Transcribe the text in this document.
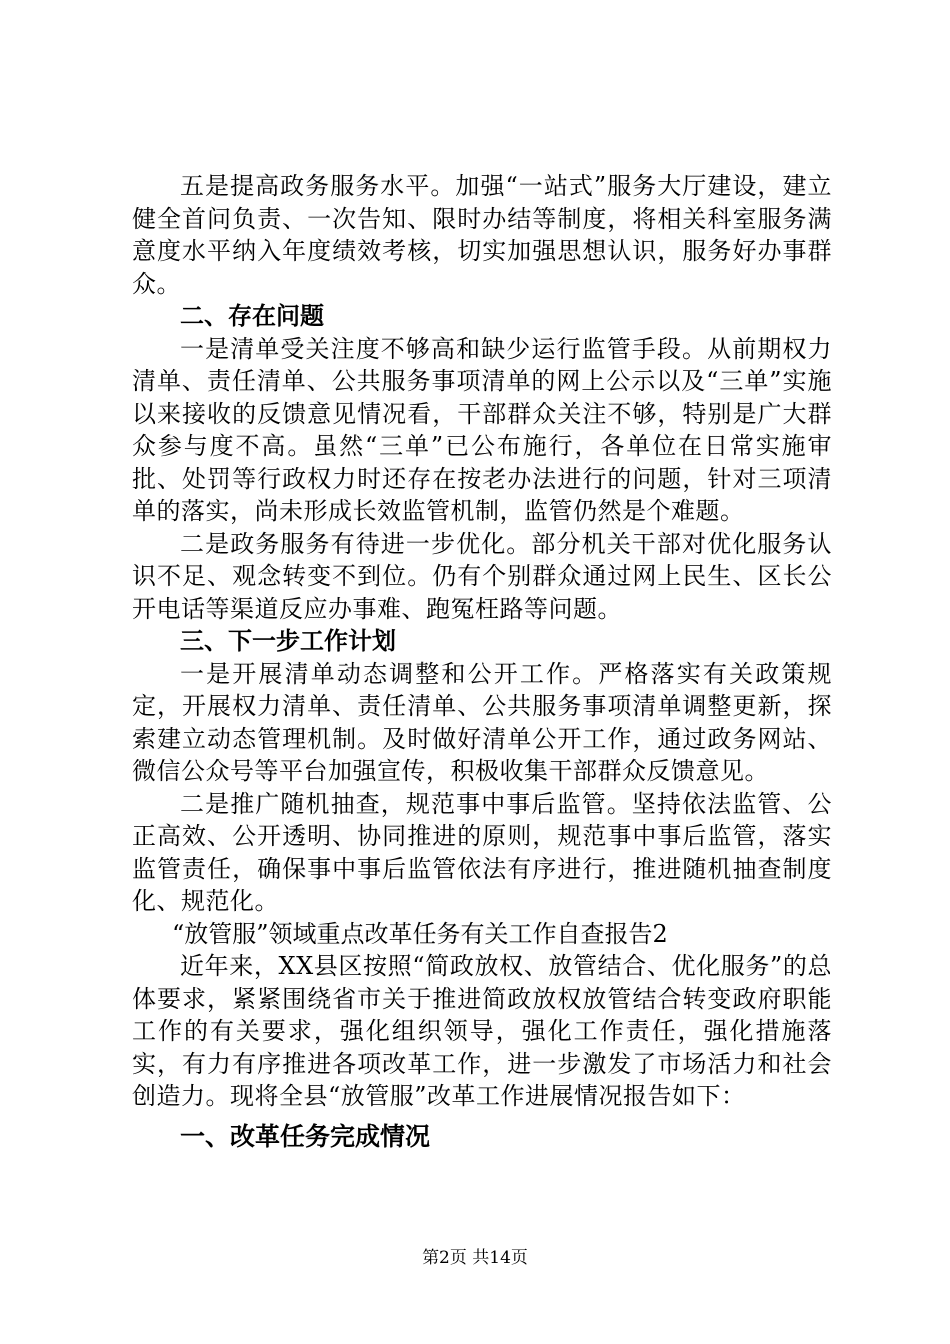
五是提高政务服务水平。加强“一站式”服务大厅建设，建立健全首问负责、一次告知、限时办结等制度，将相关科室服务满意度水平纳入年度绩效考核，切实加强思想认识，服务好办事群众。

二、存在问题

一是清单受关注度不够高和缺少运行监管手段。从前期权力清单、责任清单、公共服务事项清单的网上公示以及“三单”实施以来接收的反馈意见情况看，干部群众关注不够，特别是广大群众参与度不高。虽然“三单”已公布施行，各单位在日常实施审批、处罚等行政权力时还存在按老办法进行的问题，针对三项清单的落实，尚未形成长效监管机制，监管仍然是个难题。

二是政务服务有待进一步优化。部分机关干部对优化服务认识不足、观念转变不到位。仍有个别群众通过网上民生、区长公开电话等渠道反应办事难、跑冤枉路等问题。

三、下一步工作计划

一是开展清单动态调整和公开工作。严格落实有关政策规定，开展权力清单、责任清单、公共服务事项清单调整更新，探索建立动态管理机制。及时做好清单公开工作，通过政务网站、微信公众号等平台加强宣传，积极收集干部群众反馈意见。

二是推广随机抽查，规范事中事后监管。坚持依法监管、公正高效、公开透明、协同推进的原则，规范事中事后监管，落实监管责任，确保事中事后监管依法有序进行，推进随机抽查制度化、规范化。

“放管服”领域重点改革任务有关工作自查报告2

近年来，XX县区按照“简政放权、放管结合、优化服务”的总体要求，紧紧围绕省市关于推进简政放权放管结合转变政府职能工作的有关要求，强化组织领导，强化工作责任，强化措施落实，有力有序推进各项改革工作，进一步激发了市场活力和社会创造力。现将全县“放管服”改革工作进展情况报告如下：

一、改革任务完成情况

第2页 共14页
